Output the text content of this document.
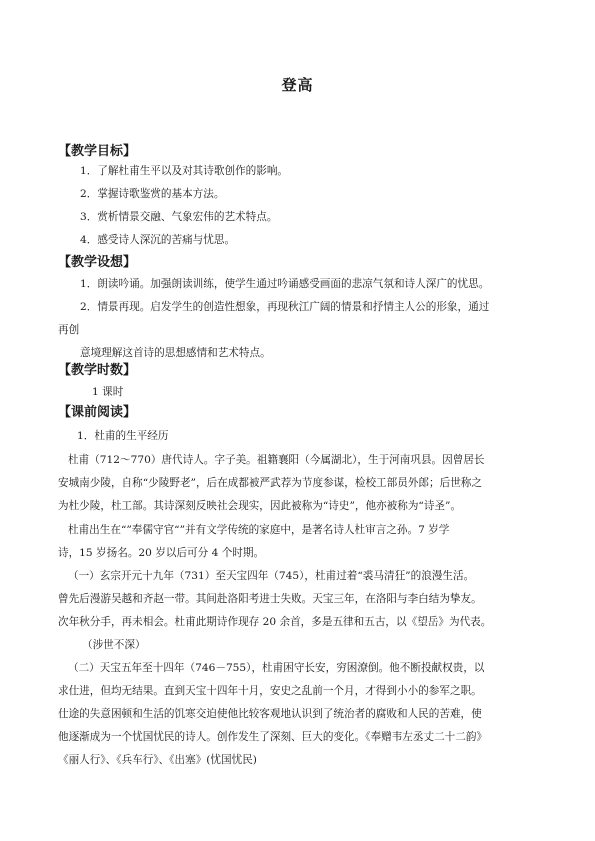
登高
【教学目标】
1．了解杜甫生平以及对其诗歌创作的影响。
2．掌握诗歌鉴赏的基本方法。
3．赏析情景交融、气象宏伟的艺术特点。
4．感受诗人深沉的苦痛与忧思。
【教学设想】
1．朗读吟诵。加强朗读训练，使学生通过吟诵感受画面的悲凉气氛和诗人深广的忧思。
2．情景再现。启发学生的创造性想象，再现秋江广阔的情景和抒情主人公的形象，通过
再创
意境理解这首诗的思想感情和艺术特点。
【教学时数】
1 课时
【课前阅读】
1．杜甫的生平经历
杜甫（712～770）唐代诗人。字子美。祖籍襄阳（今属湖北），生于河南巩县。因曾居长
安城南少陵，自称“少陵野老”，后在成都被严武荐为节度参谋，检校工部员外郎；后世称之
为杜少陵，杜工部。其诗深刻反映社会现实，因此被称为“诗史”，他亦被称为“诗圣”。
杜甫出生在“”奉儒守官“”并有文学传统的家庭中，是著名诗人杜审言之孙。7 岁学
诗，15 岁扬名。20 岁以后可分 4 个时期。
（一）玄宗开元十九年（731）至天宝四年（745），杜甫过着“裘马清狂”的浪漫生活。
曾先后漫游吴越和齐赵一带。其间赴洛阳考进士失败。天宝三年，在洛阳与李白结为挚友。
次年秋分手，再未相会。杜甫此期诗作现存 20 余首，多是五律和五古，以《望岳》为代表。
（涉世不深）
（二）天宝五年至十四年（746－755），杜甫困守长安，穷困潦倒。他不断投献权贵，以
求仕进，但均无结果。直到天宝十四年十月，安史之乱前一个月，才得到小小的参军之职。
仕途的失意困顿和生活的饥寒交迫使他比较客观地认识到了统治者的腐败和人民的苦难，使
他逐渐成为一个忧国忧民的诗人。创作发生了深刻、巨大的变化。《奉赠韦左丞丈二十二韵》
《丽人行》、《兵车行》、《出塞》(忧国忧民)
